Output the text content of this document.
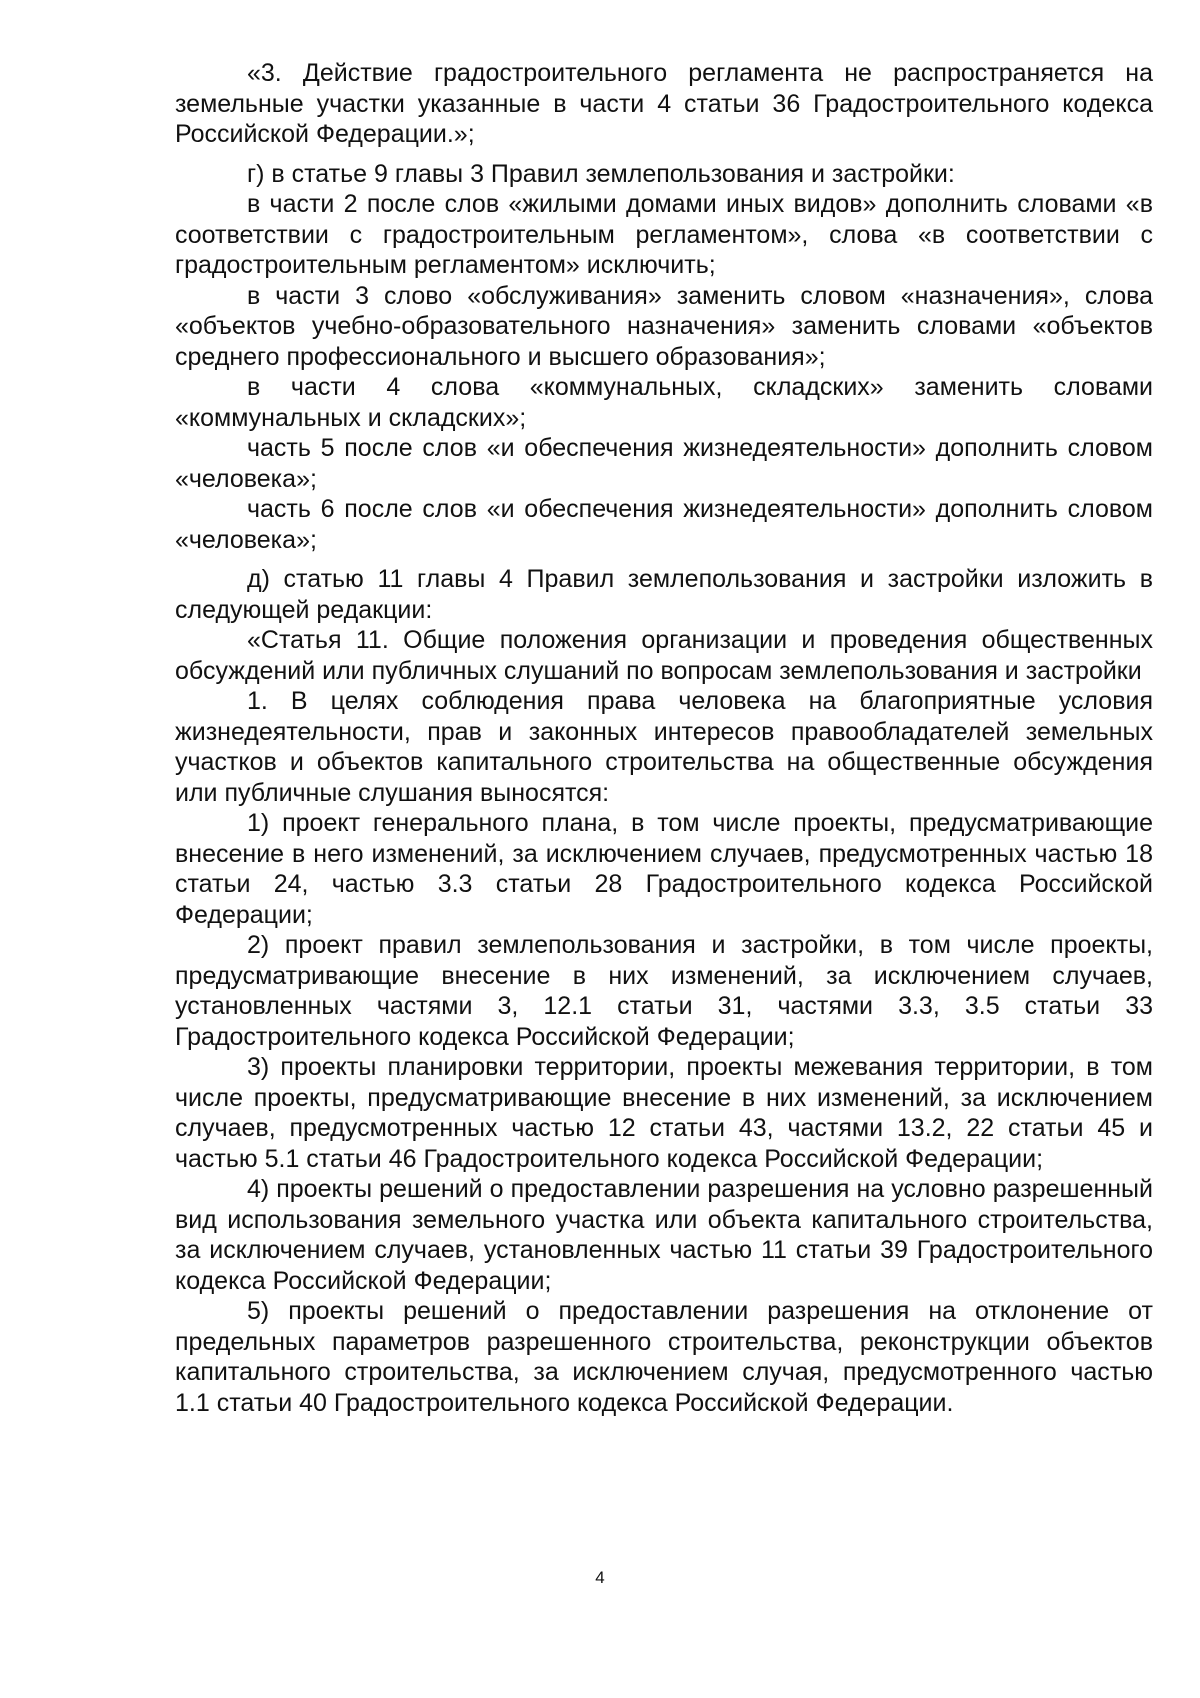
«3. Действие градостроительного регламента не распространяется на земельные участки указанные в части 4 статьи 36 Градостроительного кодекса Российской Федерации.»;

г) в статье 9 главы 3 Правил землепользования и застройки:

в части 2 после слов «жилыми домами иных видов» дополнить словами «в соответствии с градостроительным регламентом», слова «в соответствии с градостроительным регламентом» исключить;

в части 3 слово «обслуживания» заменить словом «назначения», слова «объектов учебно-образовательного назначения» заменить словами «объектов среднего профессионального и высшего образования»;

в части 4 слова «коммунальных, складских» заменить словами «коммунальных и складских»;

часть 5 после слов «и обеспечения жизнедеятельности» дополнить словом «человека»;

часть 6 после слов «и обеспечения жизнедеятельности» дополнить словом «человека»;

д) статью 11 главы 4 Правил землепользования и застройки изложить в следующей редакции:

«Статья 11. Общие положения организации и проведения общественных обсуждений или публичных слушаний по вопросам землепользования и застройки

1. В целях соблюдения права человека на благоприятные условия жизнедеятельности, прав и законных интересов правообладателей земельных участков и объектов капитального строительства на общественные обсуждения или публичные слушания выносятся:

1) проект генерального плана, в том числе проекты, предусматривающие внесение в него изменений, за исключением случаев, предусмотренных частью 18 статьи 24, частью 3.3 статьи 28 Градостроительного кодекса Российской Федерации;

2) проект правил землепользования и застройки, в том числе проекты, предусматривающие внесение в них изменений, за исключением случаев, установленных частями 3, 12.1 статьи 31, частями 3.3, 3.5 статьи 33 Градостроительного кодекса Российской Федерации;

3) проекты планировки территории, проекты межевания территории, в том числе проекты, предусматривающие внесение в них изменений, за исключением случаев, предусмотренных частью 12 статьи 43, частями 13.2, 22 статьи 45 и частью 5.1 статьи 46 Градостроительного кодекса Российской Федерации;

4) проекты решений о предоставлении разрешения на условно разрешенный вид использования земельного участка или объекта капитального строительства, за исключением случаев, установленных частью 11 статьи 39 Градостроительного кодекса Российской Федерации;

5) проекты решений о предоставлении разрешения на отклонение от предельных параметров разрешенного строительства, реконструкции объектов капитального строительства, за исключением случая, предусмотренного частью 1.1 статьи 40 Градостроительного кодекса Российской Федерации.

4
